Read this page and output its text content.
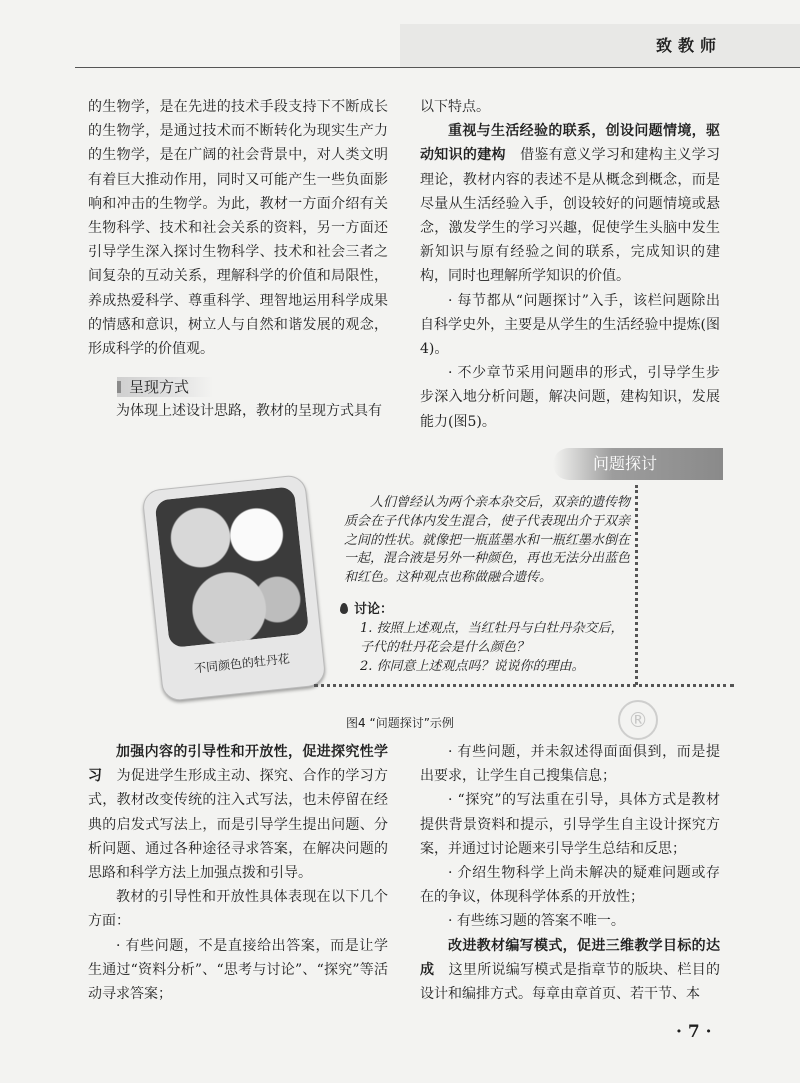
致教师

的生物学，是在先进的技术手段支持下不断成长的生物学，是通过技术而不断转化为现实生产力的生物学，是在广阔的社会背景中，对人类文明有着巨大推动作用，同时又可能产生一些负面影响和冲击的生物学。为此，教材一方面介绍有关生物科学、技术和社会关系的资料，另一方面还引导学生深入探讨生物科学、技术和社会三者之间复杂的互动关系，理解科学的价值和局限性，养成热爱科学、尊重科学、理智地运用科学成果的情感和意识，树立人与自然和谐发展的观念，形成科学的价值观。

呈现方式

为体现上述设计思路，教材的呈现方式具有

以下特点。

重视与生活经验的联系，创设问题情境，驱动知识的建构　借鉴有意义学习和建构主义学习理论，教材内容的表述不是从概念到概念，而是尽量从生活经验入手，创设较好的问题情境或悬念，激发学生的学习兴趣，促使学生头脑中发生新知识与原有经验之间的联系，完成知识的建构，同时也理解所学知识的价值。

· 每节都从“问题探讨”入手，该栏问题除出自科学史外，主要是从学生的生活经验中提炼(图4)。

· 不少章节采用问题串的形式，引导学生步步深入地分析问题，解决问题，建构知识，发展能力(图5)。

问题探讨
不同颜色的牡丹花

人们曾经认为两个亲本杂交后，双亲的遗传物质会在子代体内发生混合，使子代表现出介于双亲之间的性状。就像把一瓶蓝墨水和一瓶红墨水倒在一起，混合液是另外一种颜色，再也无法分出蓝色和红色。这种观点也称做融合遗传。

讨论：

1. 按照上述观点，当红牡丹与白牡丹杂交后，子代的牡丹花会是什么颜色？

2. 你同意上述观点吗？说说你的理由。

®
图4 “问题探讨”示例

加强内容的引导性和开放性，促进探究性学习　为促进学生形成主动、探究、合作的学习方式，教材改变传统的注入式写法，也未停留在经典的启发式写法上，而是引导学生提出问题、分析问题、通过各种途径寻求答案，在解决问题的思路和科学方法上加强点拨和引导。

教材的引导性和开放性具体表现在以下几个方面：

· 有些问题，不是直接给出答案，而是让学生通过“资料分析”、“思考与讨论”、“探究”等活动寻求答案；

· 有些问题，并未叙述得面面俱到，而是提出要求，让学生自己搜集信息；

· “探究”的写法重在引导，具体方式是教材提供背景资料和提示，引导学生自主设计探究方案，并通过讨论题来引导学生总结和反思；

· 介绍生物科学上尚未解决的疑难问题或存在的争议，体现科学体系的开放性；

· 有些练习题的答案不唯一。

改进教材编写模式，促进三维教学目标的达成　这里所说编写模式是指章节的版块、栏目的设计和编排方式。每章由章首页、若干节、本

· 7 ·
